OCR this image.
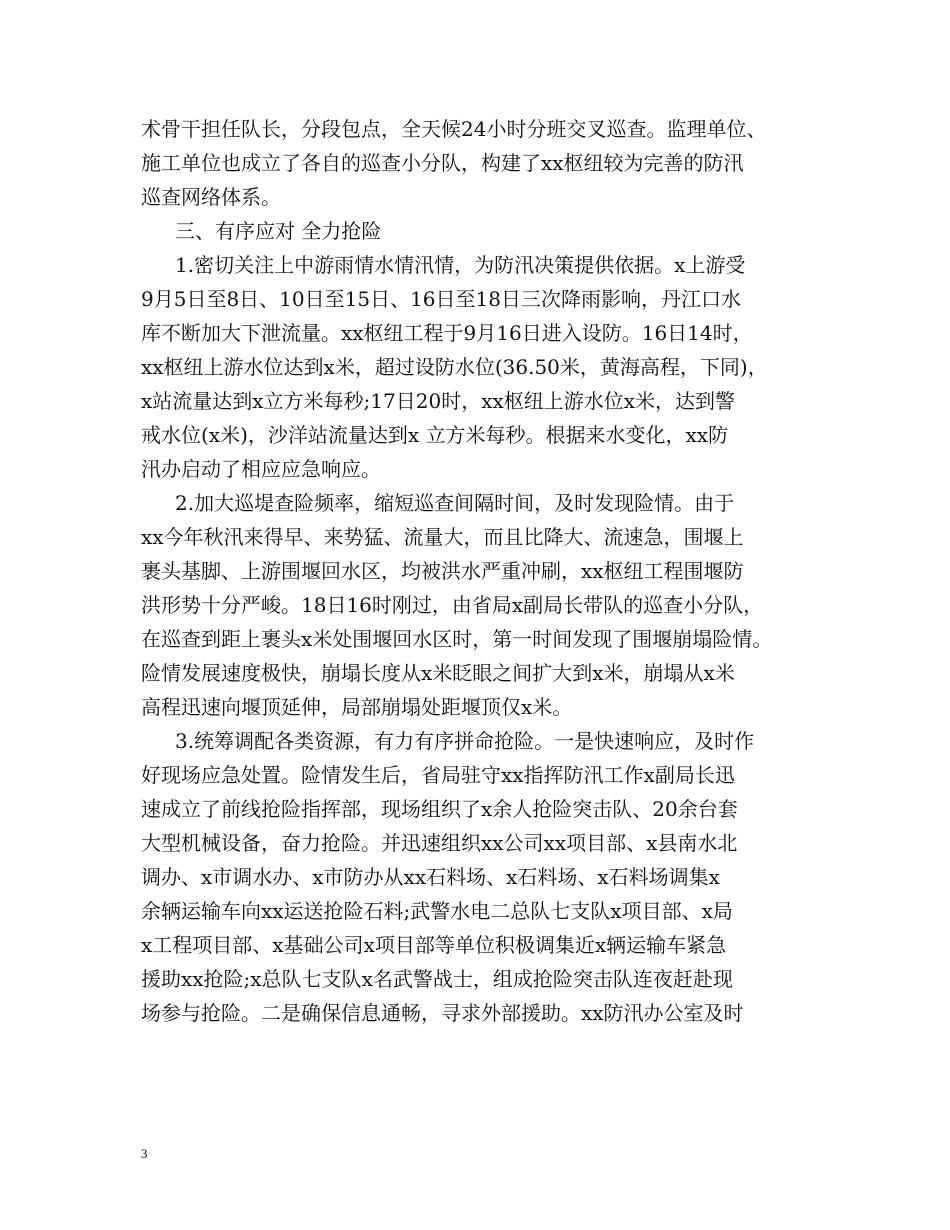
术骨干担任队长，分段包点，全天候24小时分班交叉巡查。监理单位、
施工单位也成立了各自的巡查小分队，构建了xx枢纽较为完善的防汛
巡查网络体系。
三、有序应对 全力抢险
1.密切关注上中游雨情水情汛情，为防汛决策提供依据。x上游受
9月5日至8日、10日至15日、16日至18日三次降雨影响，丹江口水
库不断加大下泄流量。xx枢纽工程于9月16日进入设防。16日14时，
xx枢纽上游水位达到x米，超过设防水位(36.50米，黄海高程，下同)，
x站流量达到x立方米每秒;17日20时，xx枢纽上游水位x米，达到警
戒水位(x米)，沙洋站流量达到x 立方米每秒。根据来水变化，xx防
汛办启动了相应应急响应。
2.加大巡堤查险频率，缩短巡查间隔时间，及时发现险情。由于
xx今年秋汛来得早、来势猛、流量大，而且比降大、流速急，围堰上
裹头基脚、上游围堰回水区，均被洪水严重冲刷，xx枢纽工程围堰防
洪形势十分严峻。18日16时刚过，由省局x副局长带队的巡查小分队，
在巡查到距上裹头x米处围堰回水区时，第一时间发现了围堰崩塌险情。
险情发展速度极快，崩塌长度从x米眨眼之间扩大到x米，崩塌从x米
高程迅速向堰顶延伸，局部崩塌处距堰顶仅x米。
3.统筹调配各类资源，有力有序拼命抢险。一是快速响应，及时作
好现场应急处置。险情发生后，省局驻守xx指挥防汛工作x副局长迅
速成立了前线抢险指挥部，现场组织了x余人抢险突击队、20余台套
大型机械设备，奋力抢险。并迅速组织xx公司xx项目部、x县南水北
调办、x市调水办、x市防办从xx石料场、x石料场、x石料场调集x
余辆运输车向xx运送抢险石料;武警水电二总队七支队x项目部、x局
x工程项目部、x基础公司x项目部等单位积极调集近x辆运输车紧急
援助xx抢险;x总队七支队x名武警战士，组成抢险突击队连夜赶赴现
场参与抢险。二是确保信息通畅，寻求外部援助。xx防汛办公室及时
3
